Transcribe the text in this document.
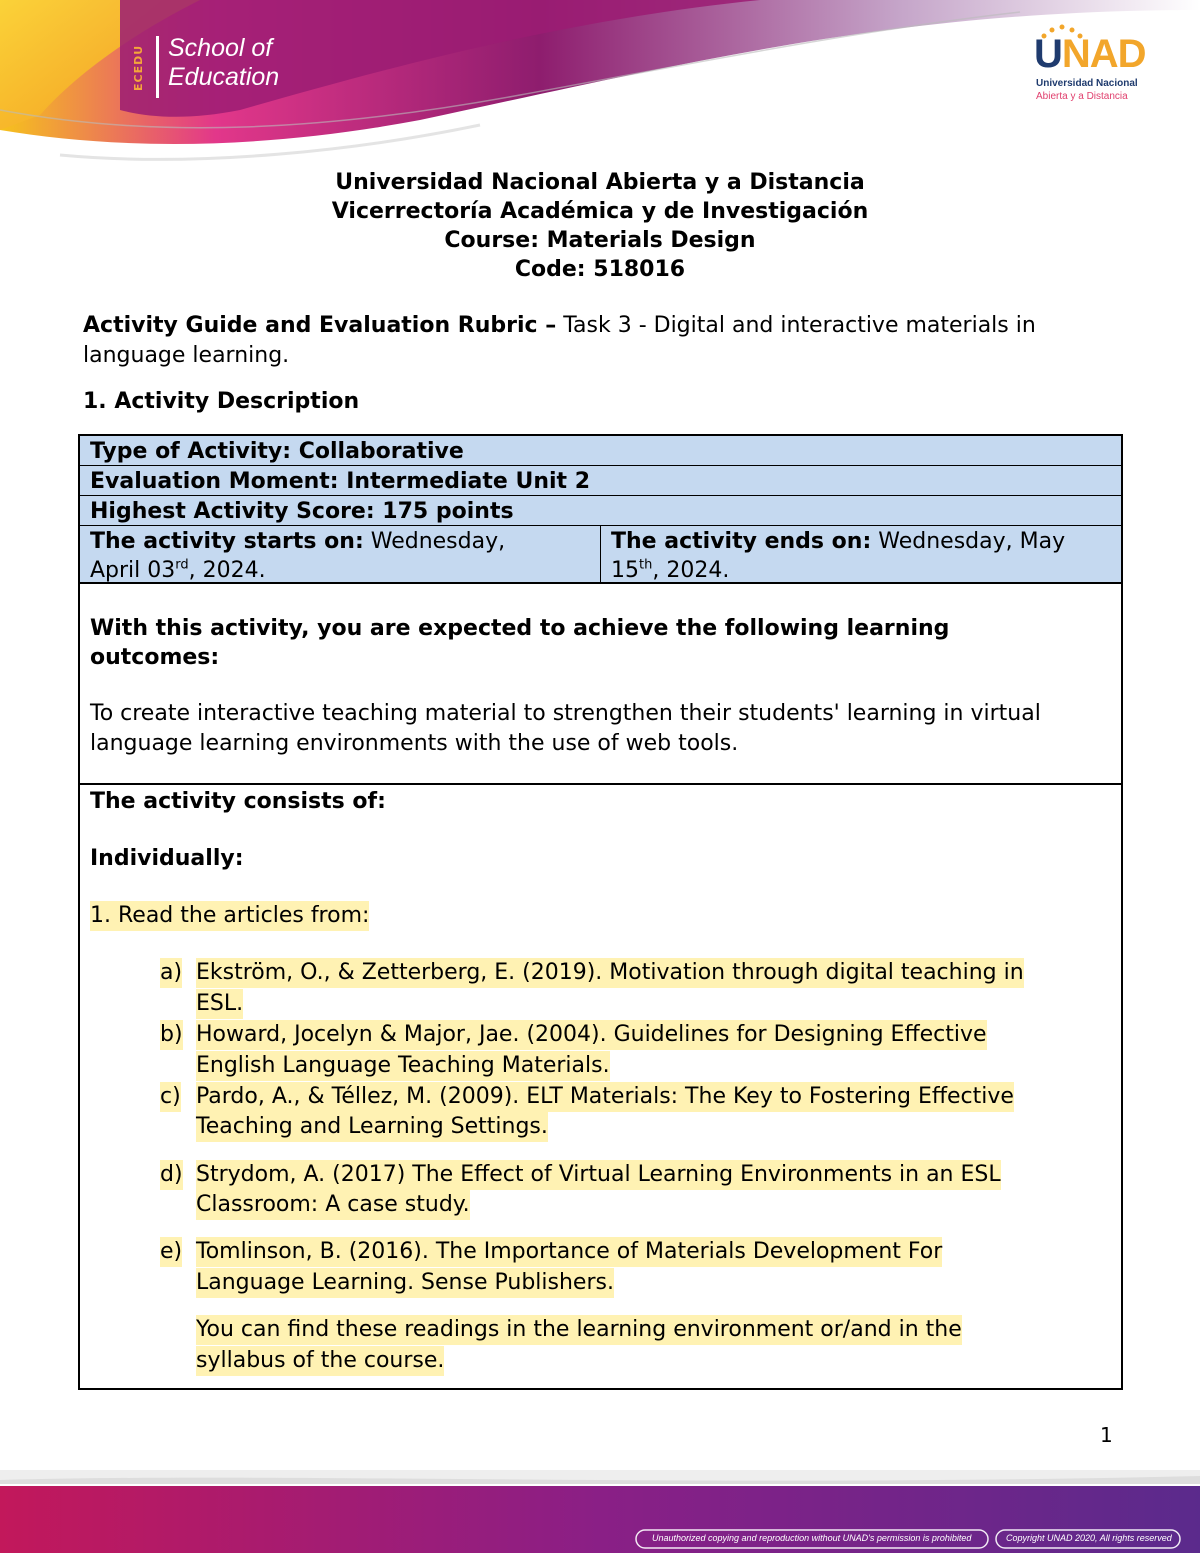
ECEDU School of
Education
UNAD
Universidad Nacional
Abierta y a Distancia
Universidad Nacional Abierta y a Distancia
Vicerrectoría Académica y de Investigación
Course: Materials Design
Code: 518016
Activity Guide and Evaluation Rubric – Task 3 - Digital and interactive materials in language learning.
1. Activity Description
Type of Activity: Collaborative
Evaluation Moment: Intermediate Unit 2
Highest Activity Score: 175 points
The activity starts on: Wednesday,
April 03rd, 2024.
The activity ends on: Wednesday, May
15th, 2024.
With this activity, you are expected to achieve the following learning outcomes:
To create interactive teaching material to strengthen their students' learning in virtual language learning environments with the use of web tools.
The activity consists of:
Individually:
1. Read the articles from:
a) Ekström, O., & Zetterberg, E. (2019). Motivation through digital teaching in
ESL.
b) Howard, Jocelyn & Major, Jae. (2004). Guidelines for Designing Effective
English Language Teaching Materials.
c) Pardo, A., & Téllez, M. (2009). ELT Materials: The Key to Fostering Effective
Teaching and Learning Settings.
d) Strydom, A. (2017) The Effect of Virtual Learning Environments in an ESL
Classroom: A case study.
e) Tomlinson, B. (2016). The Importance of Materials Development For
Language Learning. Sense Publishers.
You can find these readings in the learning environment or/and in the
syllabus of the course.
1
Unauthorized copying and reproduction without UNAD's permission is prohibited	Copyright UNAD 2020, All rights reserved
